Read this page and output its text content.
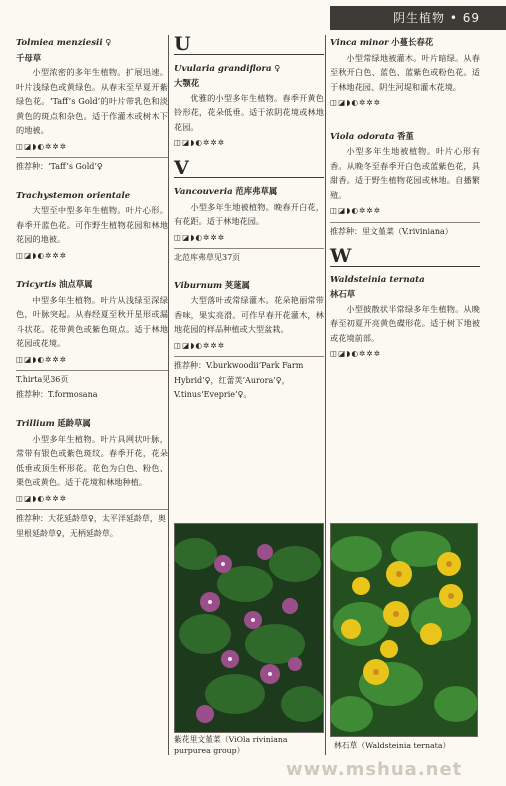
阴生植物 • 69
Tolmiea menziesii ♀
千母草
小型浓密的多年生植物。扩展迅速。叶片浅绿色或黄绿色。从春末至早夏开紫绿色花。‘Taff’s Gold’的叶片带乳色和淡黄色的斑点和杂色。适于作灌木或树木下的地被。
◫◪◗◐✲✲✲
推荐种：‘Taff’s Gold’♀
Trachystemon orientale
大型至中型多年生植物。叶片心形。春季开蓝色花。可作野生植物花园和林地花园的地被。
◫◪◗◐✲✲✲
Tricyrtis 油点草属
中型多年生植物。叶片从浅绿至深绿色，叶脉突起。从春经夏至秋开星形或漏斗状花。花带黄色或紫色斑点。适于林地花园或花境。
◫◪◗◐✲✲✲
T.hirta见36页
推荐种：T.formosana
Trillium 延龄草属
小型多年生植物。叶片具网状叶脉，常带有银色或紫色斑纹。春季开花，花朵低垂或顶生杯形花。花色为白色、粉色、栗色或黄色。适于花境和林地种植。
◫◪◗◐✲✲✲
推荐种：大花延龄草♀，太平洋延龄草，奥里根延龄草♀，无柄延龄草。
U
Uvularia grandiflora ♀
大颚花
优雅的小型多年生植物。春季开黄色铃形花，花朵低垂。适于浓阴花境或林地花园。
◫◪◗◐✲✲✲
V
Vancouveria 范库弗草属
小型多年生地被植物。晚春开白花，有花距。适于林地花园。
◫◪◗◐✲✲✲
北范库弗草见37页
Viburnum 荚蒾属
大型落叶或常绿灌木。花朵艳丽常带香味，果实亮滑。可作早春开花灌木，林地花园的样品种植或大型盆栽。
◫◪◗◐✲✲✲
推荐种：V.burkwoodii‘Park Farm Hybrid’♀，红蕾荚‘Aurora’♀，V.tinus‘Eveprie’♀。
Vinca minor 小蔓长春花
小型常绿地被灌木。叶片暗绿。从春至秋开白色、蓝色、蓝紫色或粉色花。适于林地花园、阴生河堤和灌木花境。
◫◪◗◐✲✲✲
Viola odorata 香堇
小型多年生地被植物。叶片心形有香。从晚冬至春季开白色或蓝紫色花，具甜香。适于野生植物花园或林地。自播繁殖。
◫◪◗◐✲✲✲
推荐种：里文堇菜（V.riviniana）
W
Waldsteinia ternata
林石草
小型披散状半常绿多年生植物。从晚春至初夏开亮黄色碟形花。适于树下地被或花境前部。
◫◪◗◐✲✲✲
紫花里文堇菜（ViOla riviniana purpurea group）
林石草（Waldsteinia ternata）
www.mshua.net
